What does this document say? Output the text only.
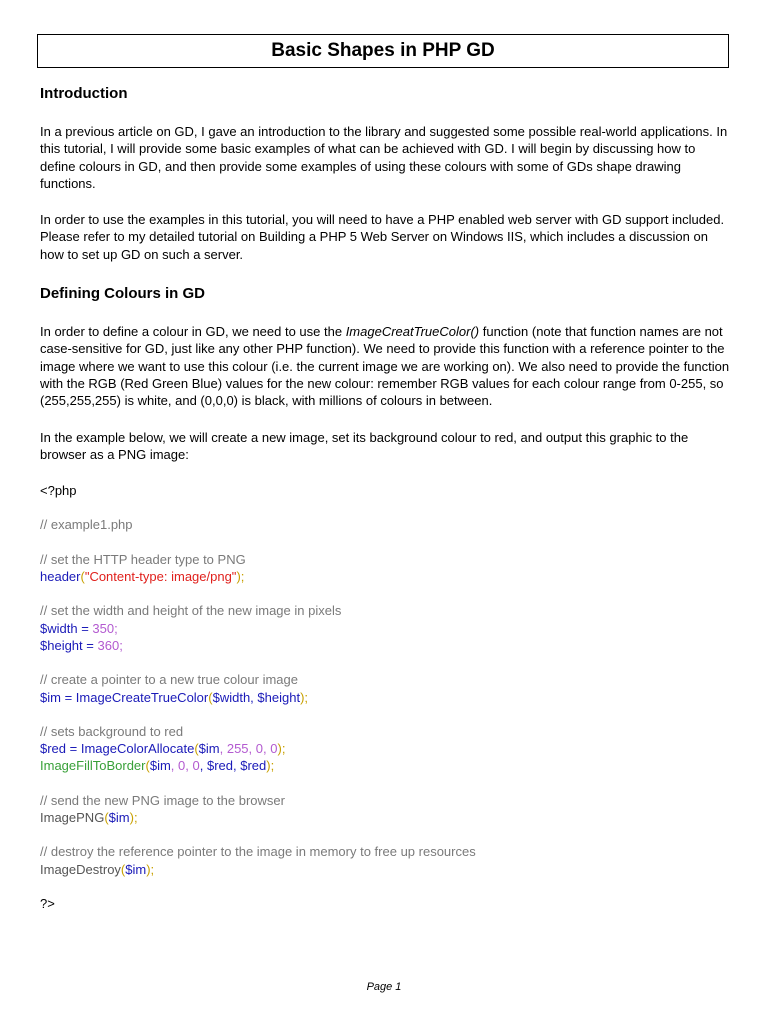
Basic Shapes in PHP GD
Introduction

In a previous article on GD, I gave an introduction to the library and suggested some possible real-world applications. In this tutorial, I will provide some basic examples of what can be achieved with GD. I will begin by discussing how to define colours in GD, and then provide some examples of using these colours with some of GDs shape drawing functions.

In order to use the examples in this tutorial, you will need to have a PHP enabled web server with GD support included. Please refer to my detailed tutorial on Building a PHP 5 Web Server on Windows IIS, which includes a discussion on how to set up GD on such a server.

Defining Colours in GD

In order to define a colour in GD, we need to use the ImageCreatTrueColor() function (note that function names are not case-sensitive for GD, just like any other PHP function). We need to provide this function with a reference pointer to the image where we want to use this colour (i.e. the current image we are working on). We also need to provide the function with the RGB (Red Green Blue) values for the new colour: remember RGB values for each colour range from 0-255, so (255,255,255) is white, and (0,0,0) is black, with millions of colours in between.

In the example below, we will create a new image, set its background colour to red, and output this graphic to the browser as a PNG image:

<?php
// example1.php
// set the HTTP header type to PNG
header("Content-type: image/png");
// set the width and height of the new image in pixels
$width = 350;
$height = 360;
// create a pointer to a new true colour image
$im = ImageCreateTrueColor($width, $height);
// sets background to red
$red = ImageColorAllocate($im, 255, 0, 0);
ImageFillToBorder($im, 0, 0, $red, $red);
// send the new PNG image to the browser
ImagePNG($im);
// destroy the reference pointer to the image in memory to free up resources
ImageDestroy($im);
?>
Page 1
